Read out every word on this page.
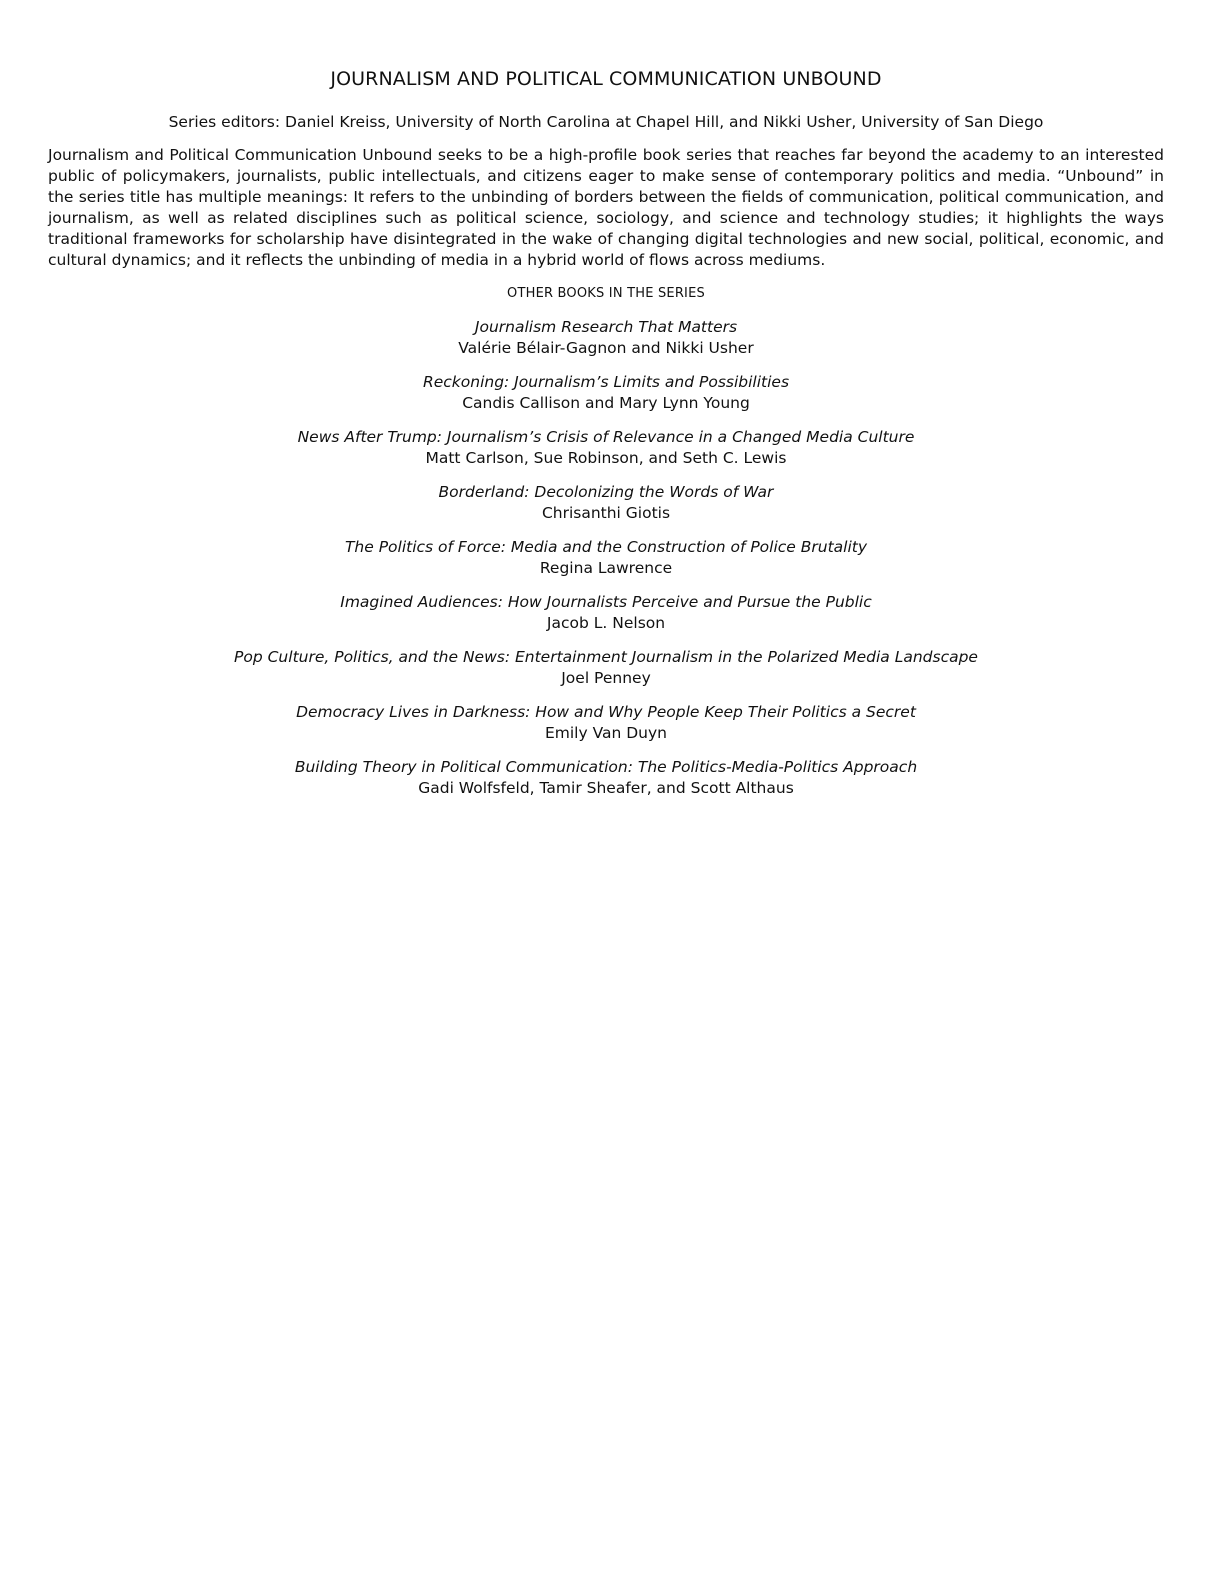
JOURNALISM AND POLITICAL COMMUNICATION UNBOUND

Series editors: Daniel Kreiss, University of North Carolina at Chapel Hill, and Nikki Usher, University of San Diego

Journalism and Political Communication Unbound seeks to be a high-profile book series that reaches far beyond the academy to an interested public of policymakers, journalists, public intellectuals, and citizens eager to make sense of contemporary politics and media. “Unbound” in the series title has multiple meanings: It refers to the unbinding of borders between the fields of communication, political communication, and journalism, as well as related disciplines such as political science, sociology, and science and technology studies; it highlights the ways traditional frameworks for scholarship have disintegrated in the wake of changing digital technologies and new social, political, economic, and cultural dynamics; and it reflects the unbinding of media in a hybrid world of flows across mediums.

OTHER BOOKS IN THE SERIES
Journalism Research That Matters
Valérie Bélair-Gagnon and Nikki Usher
Reckoning: Journalism’s Limits and Possibilities
Candis Callison and Mary Lynn Young
News After Trump: Journalism’s Crisis of Relevance in a Changed Media Culture
Matt Carlson, Sue Robinson, and Seth C. Lewis
Borderland: Decolonizing the Words of War
Chrisanthi Giotis
The Politics of Force: Media and the Construction of Police Brutality
Regina Lawrence
Imagined Audiences: How Journalists Perceive and Pursue the Public
Jacob L. Nelson
Pop Culture, Politics, and the News: Entertainment Journalism in the Polarized Media Landscape
Joel Penney
Democracy Lives in Darkness: How and Why People Keep Their Politics a Secret
Emily Van Duyn
Building Theory in Political Communication: The Politics-Media-Politics Approach
Gadi Wolfsfeld, Tamir Sheafer, and Scott Althaus
